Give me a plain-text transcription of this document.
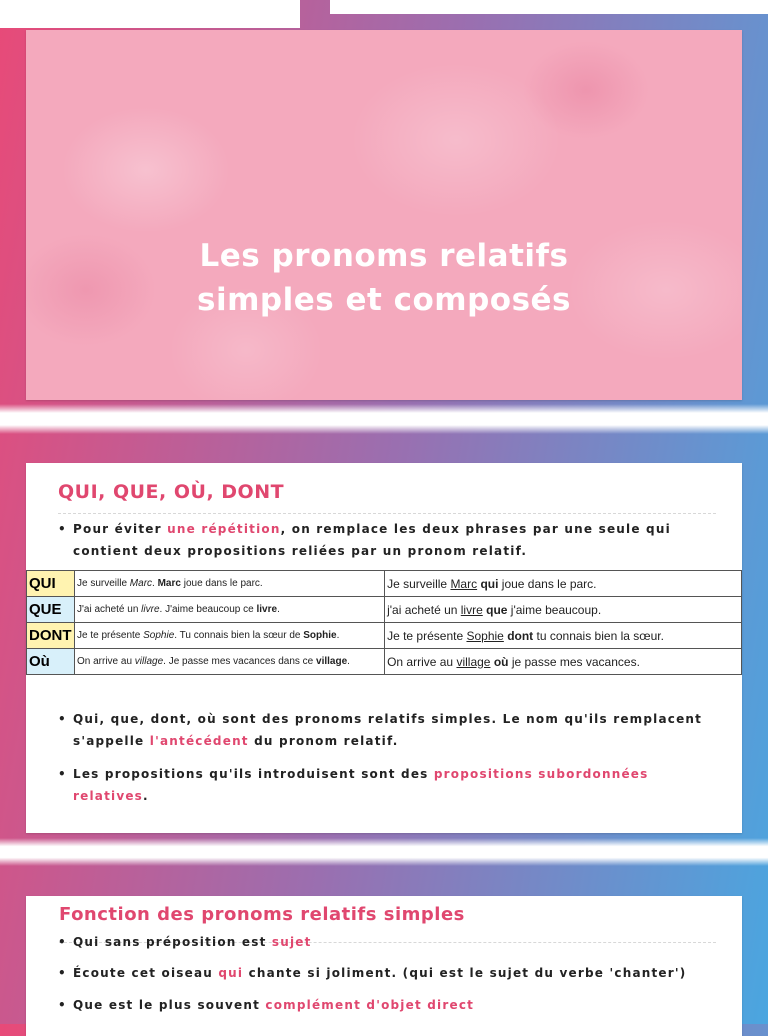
Les pronoms relatifs
simples et composés
QUI, QUE, OÙ, DONT
• Pour éviter une répétition, on remplace les deux phrases par une seule qui
contient deux propositions reliées par un pronom relatif.
QUI	Je surveille Marc. Marc joue dans le parc.	Je surveille Marc qui joue dans le parc.
QUE	J'ai acheté un livre. J'aime beaucoup ce livre.	j'ai acheté un livre que j'aime beaucoup.
DONT	Je te présente Sophie. Tu connais bien la sœur de Sophie.	Je te présente Sophie dont tu connais bien la sœur.
Où	On arrive au village. Je passe mes vacances dans ce village.	On arrive au village où je passe mes vacances.
• Qui, que, dont, où sont des pronoms relatifs simples. Le nom qu'ils remplacent
s'appelle l'antécédent du pronom relatif.
• Les propositions qu'ils introduisent sont des propositions subordonnées
relatives.
Fonction des pronoms relatifs simples
• Qui sans préposition est sujet
• Écoute cet oiseau qui chante si joliment. (qui est le sujet du verbe 'chanter')
• Que est le plus souvent complément d'objet direct
